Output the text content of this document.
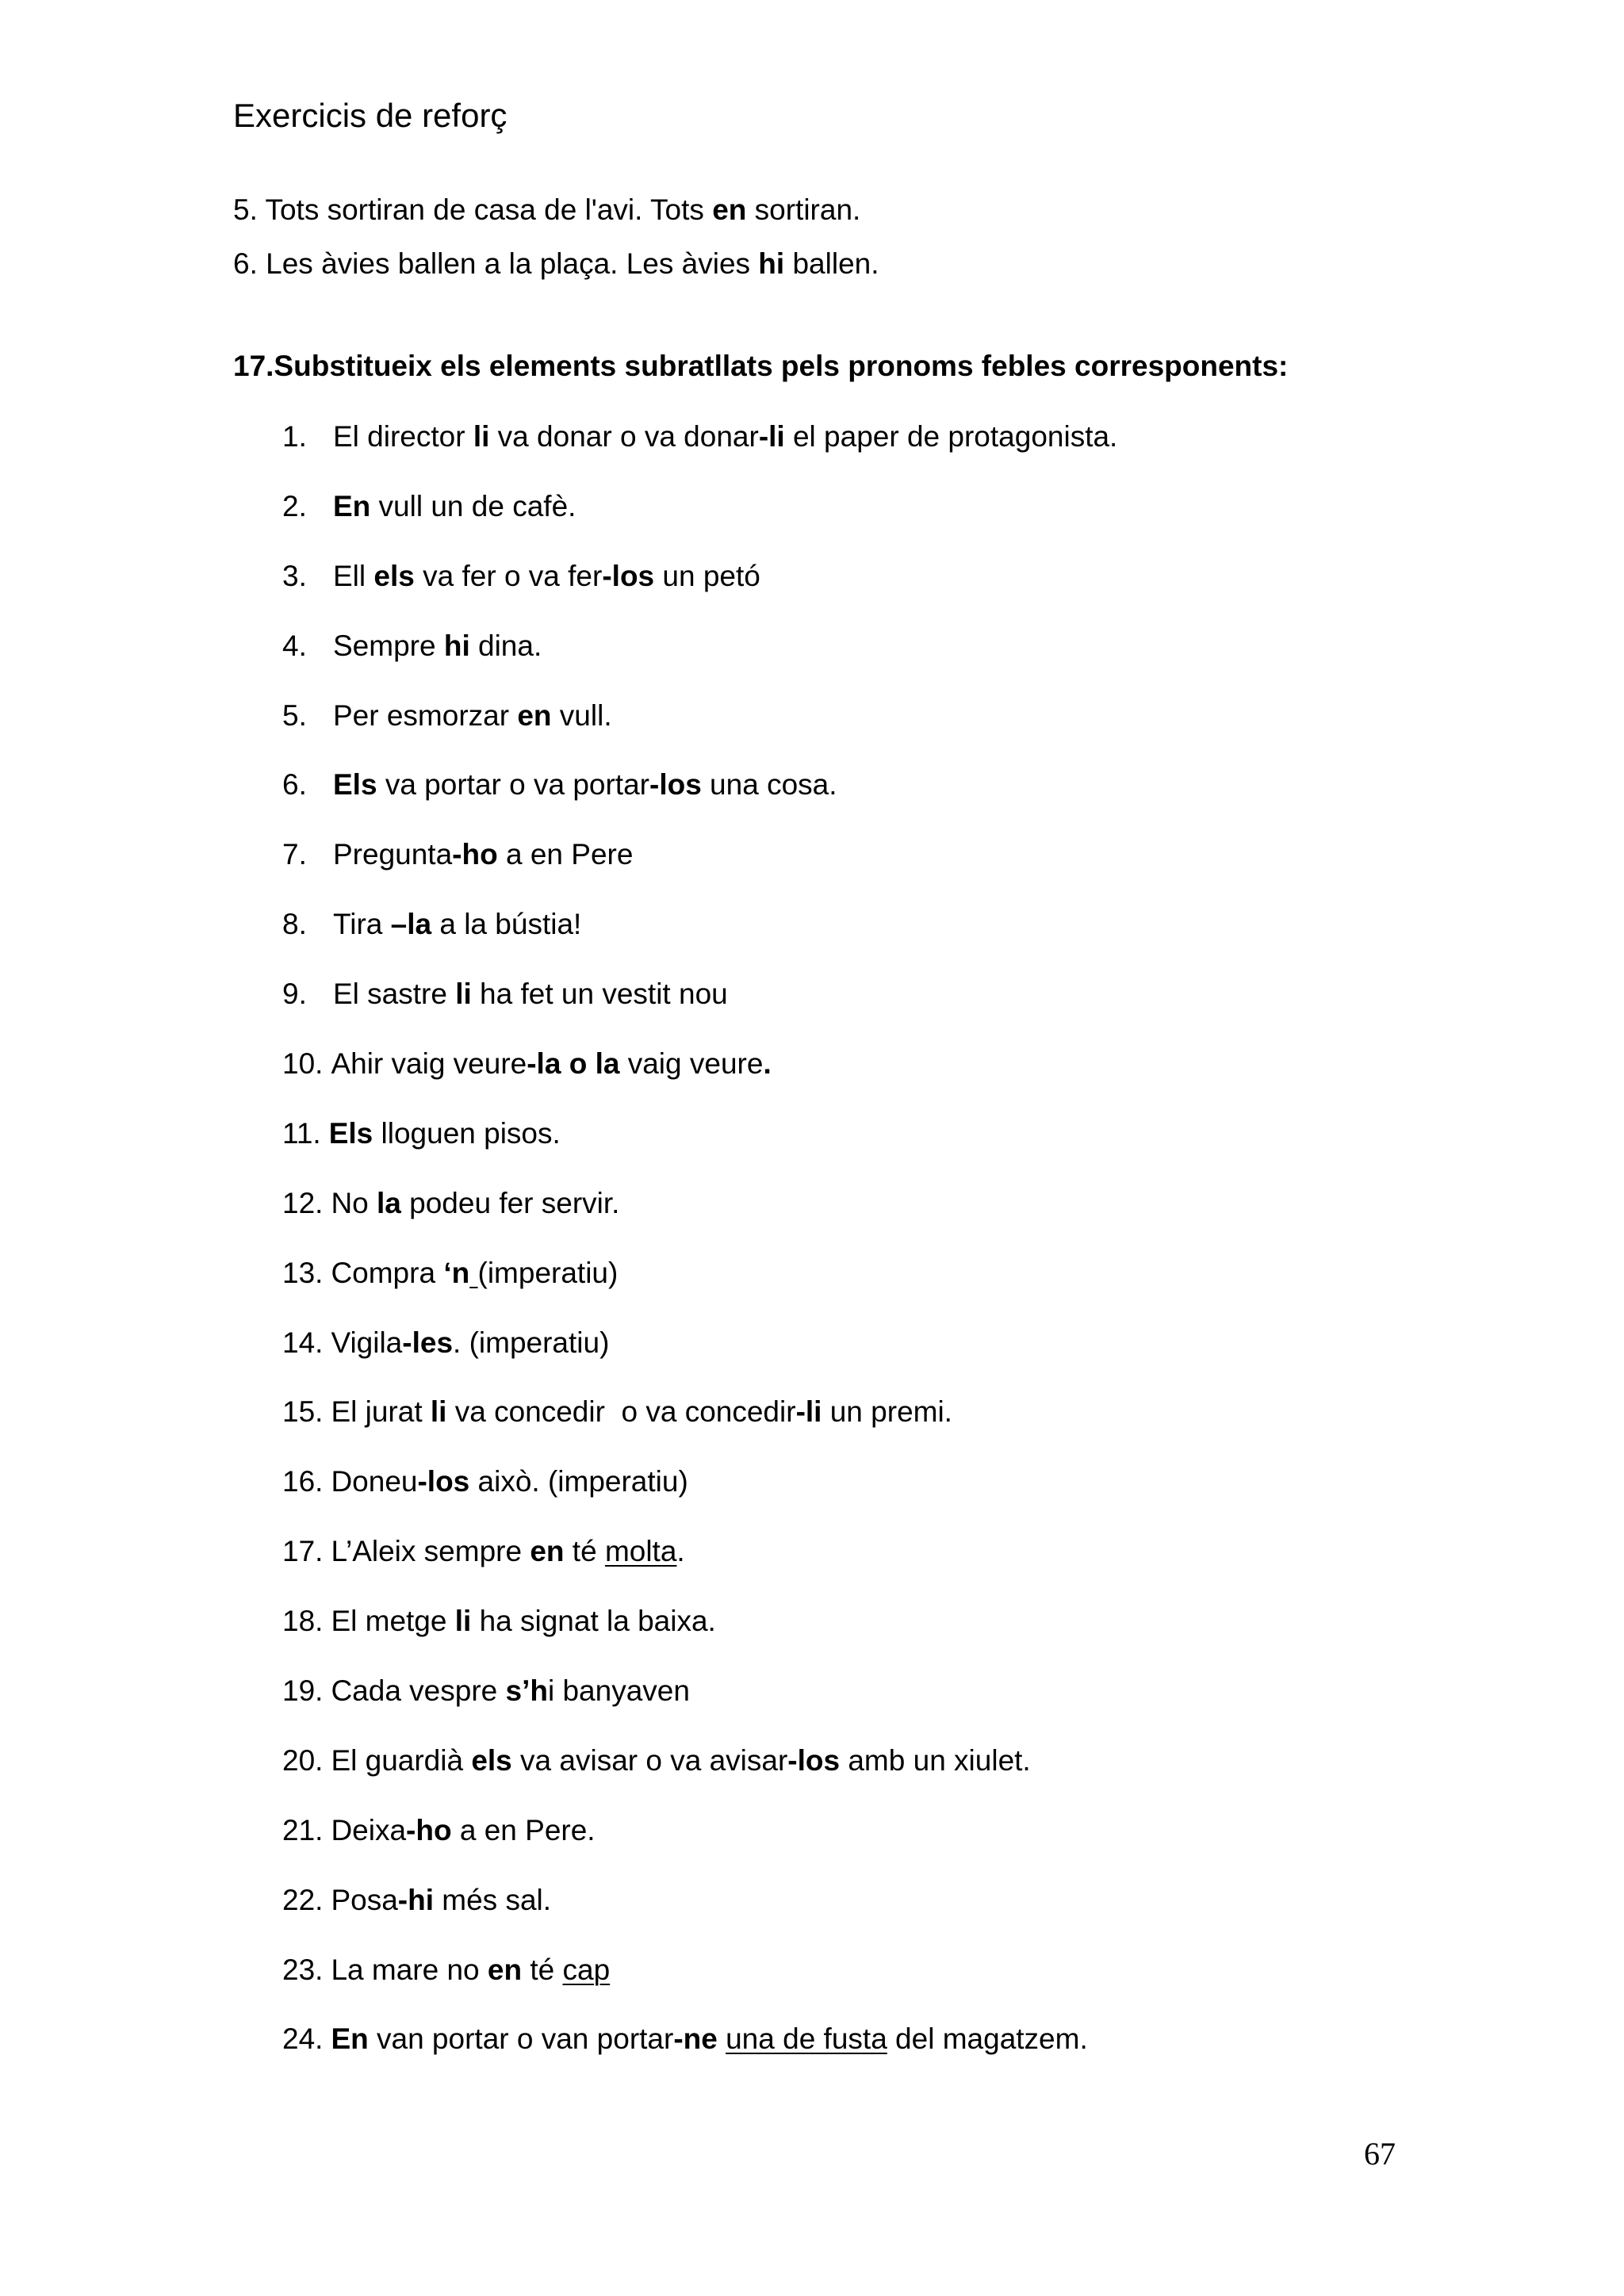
Exercicis de reforç
5. Tots sortiran de casa de l'avi. Tots en sortiran.
6. Les àvies ballen a la plaça. Les àvies hi ballen.
17.Substitueix els elements subratllats pels pronoms febles corresponents:
1. El director li va donar o va donar-li el paper de protagonista.
2. En vull un de cafè.
3. Ell els va fer o va fer-los un petó
4. Sempre hi dina.
5. Per esmorzar en vull.
6. Els va portar o va portar-los una cosa.
7. Pregunta-ho a en Pere
8. Tira –la a la bústia!
9. El sastre li ha fet un vestit nou
10. Ahir vaig veure-la o la vaig veure.
11. Els lloguen pisos.
12. No la podeu fer servir.
13. Compra ‘n (imperatiu)
14. Vigila-les. (imperatiu)
15. El jurat li va concedir  o va concedir-li un premi.
16. Doneu-los això. (imperatiu)
17. L’Aleix sempre en té molta.
18. El metge li ha signat la baixa.
19. Cada vespre s’hi banyaven
20. El guardià els va avisar o va avisar-los amb un xiulet.
21. Deixa-ho a en Pere.
22. Posa-hi més sal.
23. La mare no en té cap
24. En van portar o van portar-ne una de fusta del magatzem.
67
